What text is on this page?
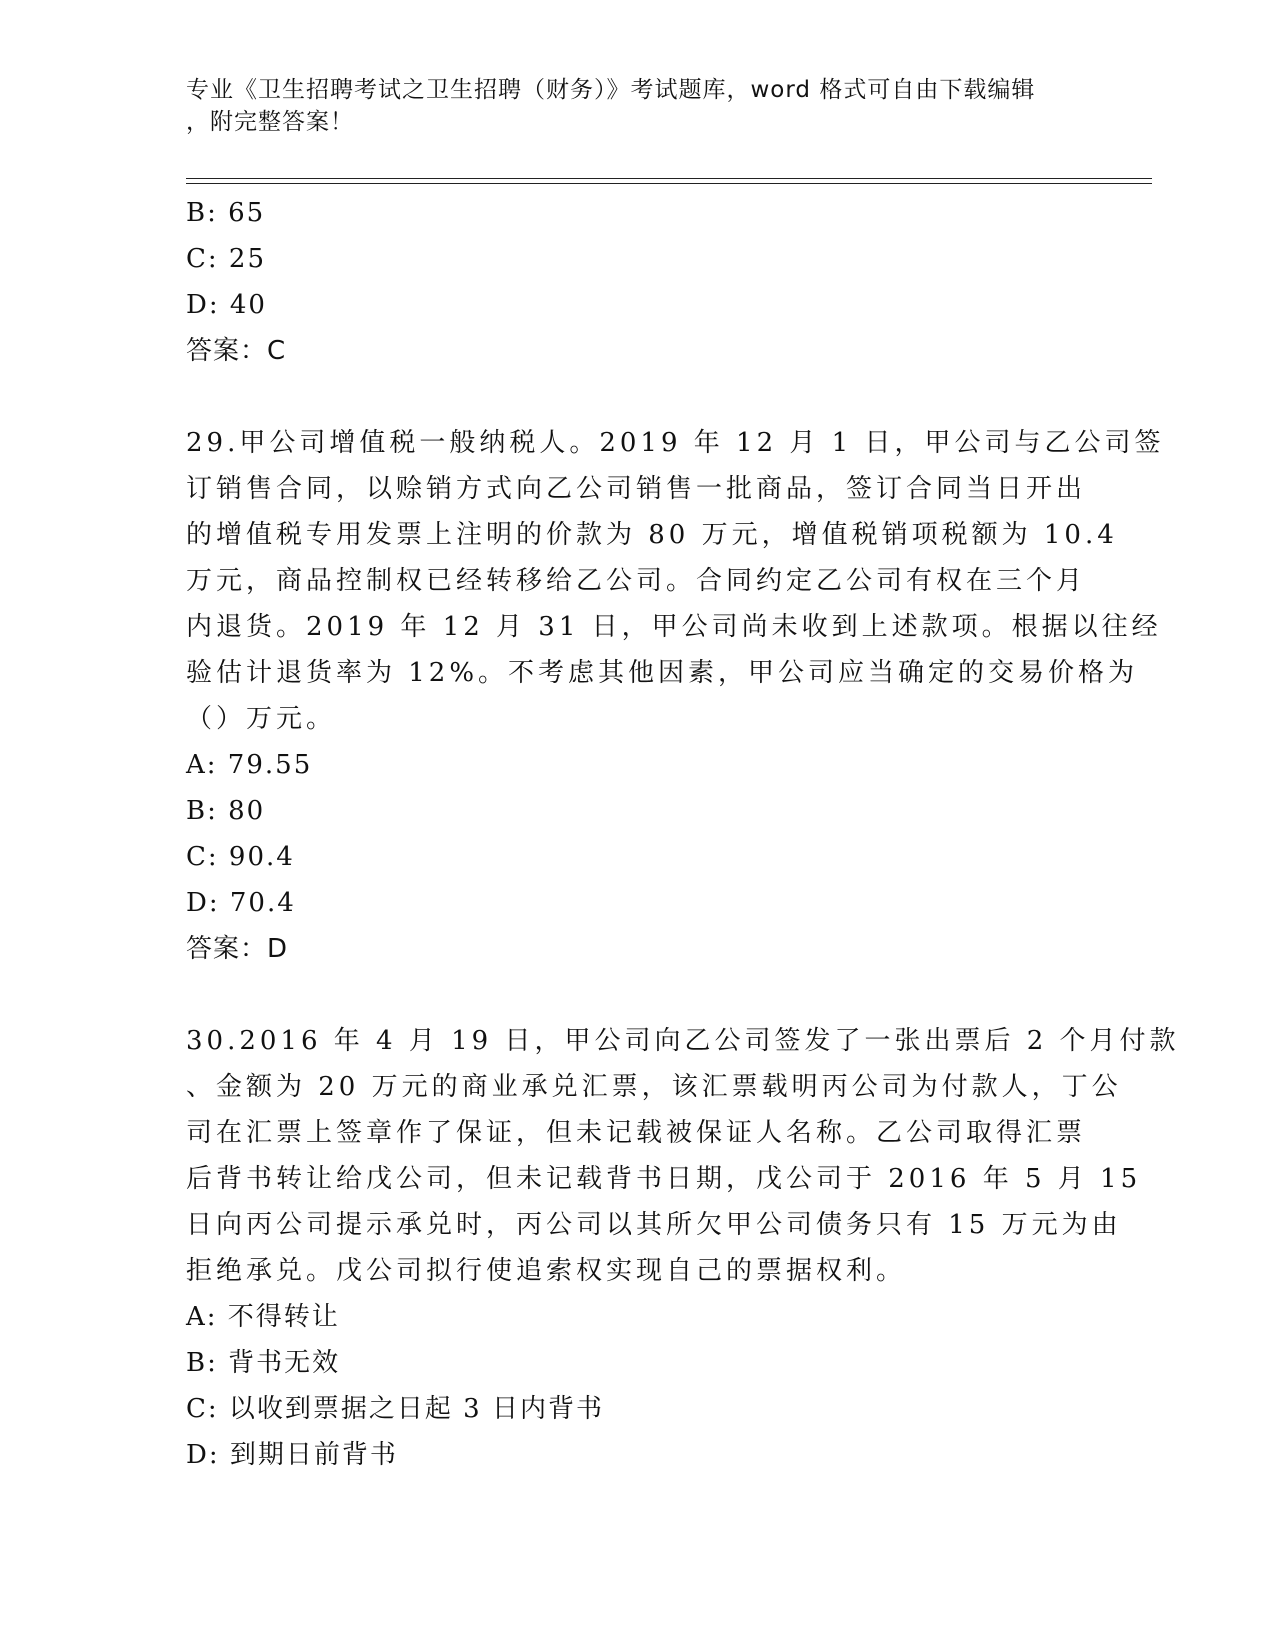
专业《卫生招聘考试之卫生招聘（财务）》考试题库，word 格式可自由下载编辑
，附完整答案！
B: 65
C: 25
D: 40
答案：C
29.甲公司增值税一般纳税人。2019 年 12 月 1 日，甲公司与乙公司签
订销售合同，以赊销方式向乙公司销售一批商品，签订合同当日开出
的增值税专用发票上注明的价款为 80 万元，增值税销项税额为 10.4
万元，商品控制权已经转移给乙公司。合同约定乙公司有权在三个月
内退货。2019 年 12 月 31 日，甲公司尚未收到上述款项。根据以往经
验估计退货率为 12%。不考虑其他因素，甲公司应当确定的交易价格为
（）万元。
A: 79.55
B: 80
C: 90.4
D: 70.4
答案：D
30.2016 年 4 月 19 日，甲公司向乙公司签发了一张出票后 2 个月付款
、金额为 20 万元的商业承兑汇票，该汇票载明丙公司为付款人，丁公
司在汇票上签章作了保证，但未记载被保证人名称。乙公司取得汇票
后背书转让给戊公司，但未记载背书日期，戊公司于 2016 年 5 月 15
日向丙公司提示承兑时，丙公司以其所欠甲公司债务只有 15 万元为由
拒绝承兑。戊公司拟行使追索权实现自己的票据权利。
A: 不得转让
B: 背书无效
C: 以收到票据之日起 3 日内背书
D: 到期日前背书
